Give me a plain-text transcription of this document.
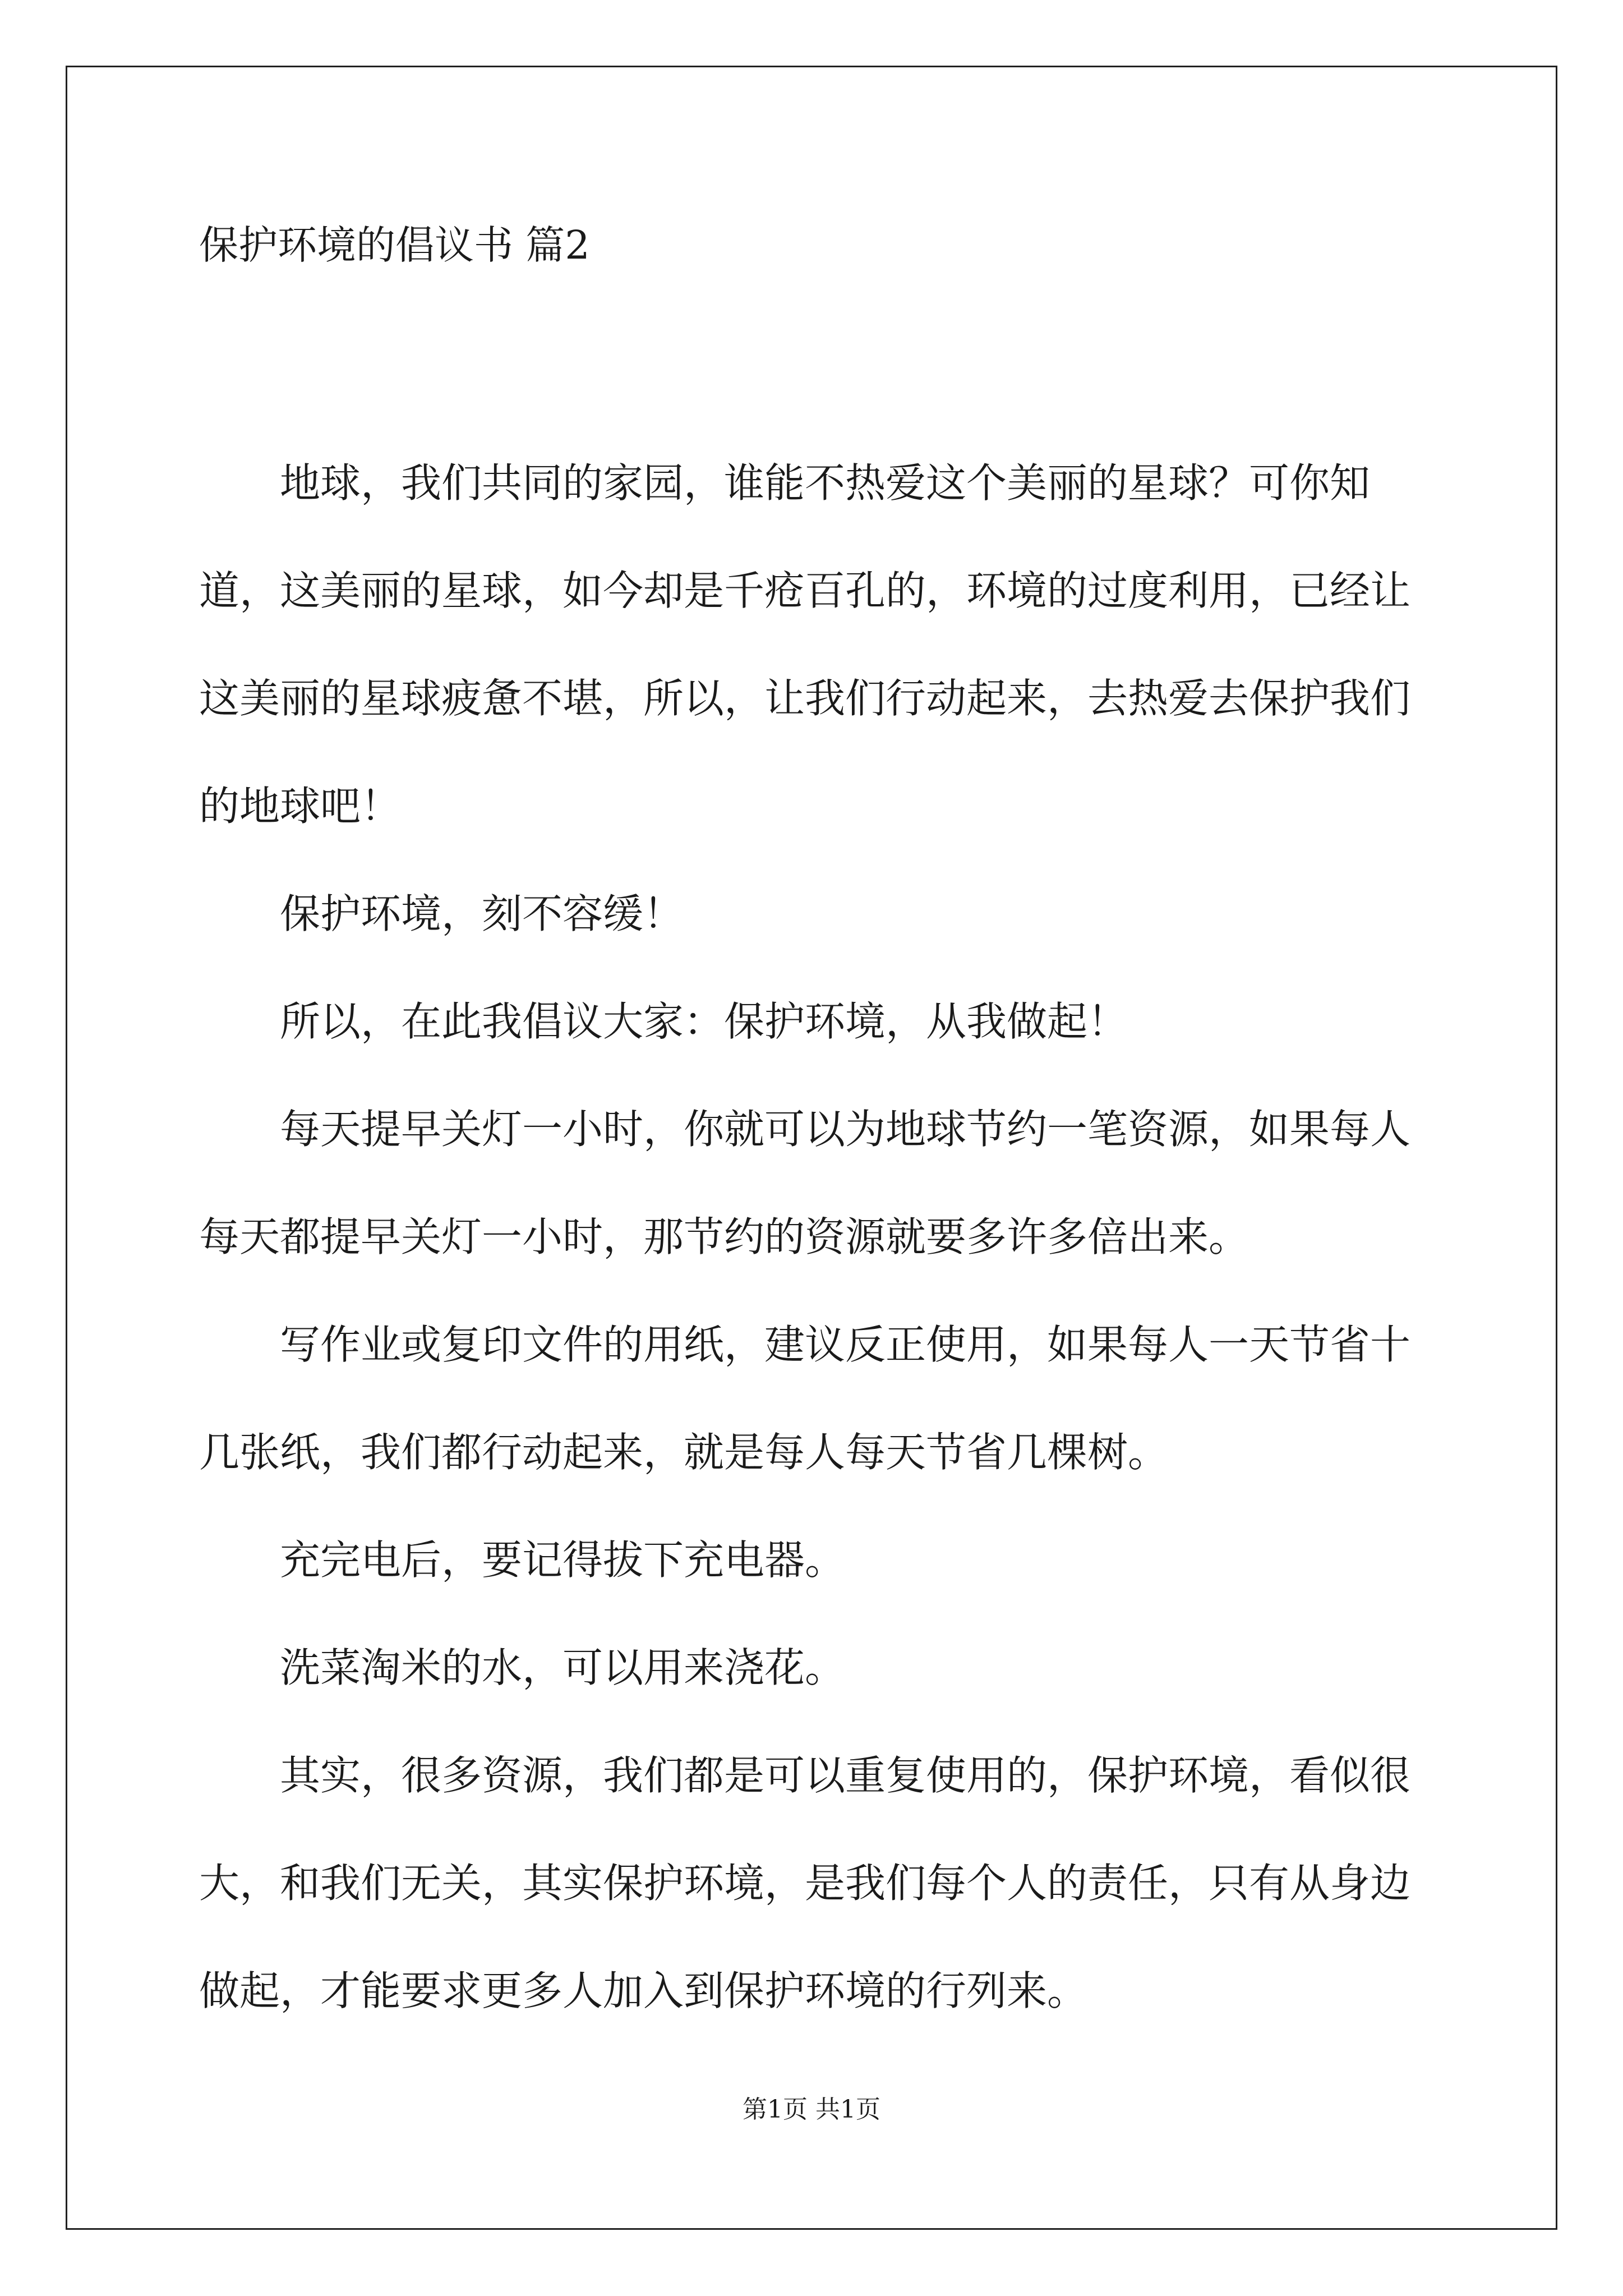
保护环境的倡议书 篇2

地球，我们共同的家园，谁能不热爱这个美丽的星球？可你知道，这美丽的星球，如今却是千疮百孔的，环境的过度利用，已经让这美丽的星球疲惫不堪，所以，让我们行动起来，去热爱去保护我们的地球吧！

保护环境，刻不容缓！

所以，在此我倡议大家：保护环境，从我做起！

每天提早关灯一小时，你就可以为地球节约一笔资源，如果每人每天都提早关灯一小时，那节约的资源就要多许多倍出来。

写作业或复印文件的用纸，建议反正使用，如果每人一天节省十几张纸，我们都行动起来，就是每人每天节省几棵树。

充完电后，要记得拔下充电器。

洗菜淘米的水，可以用来浇花。

其实，很多资源，我们都是可以重复使用的，保护环境，看似很大，和我们无关，其实保护环境，是我们每个人的责任，只有从身边做起，才能要求更多人加入到保护环境的行列来。

第1页 共1页
